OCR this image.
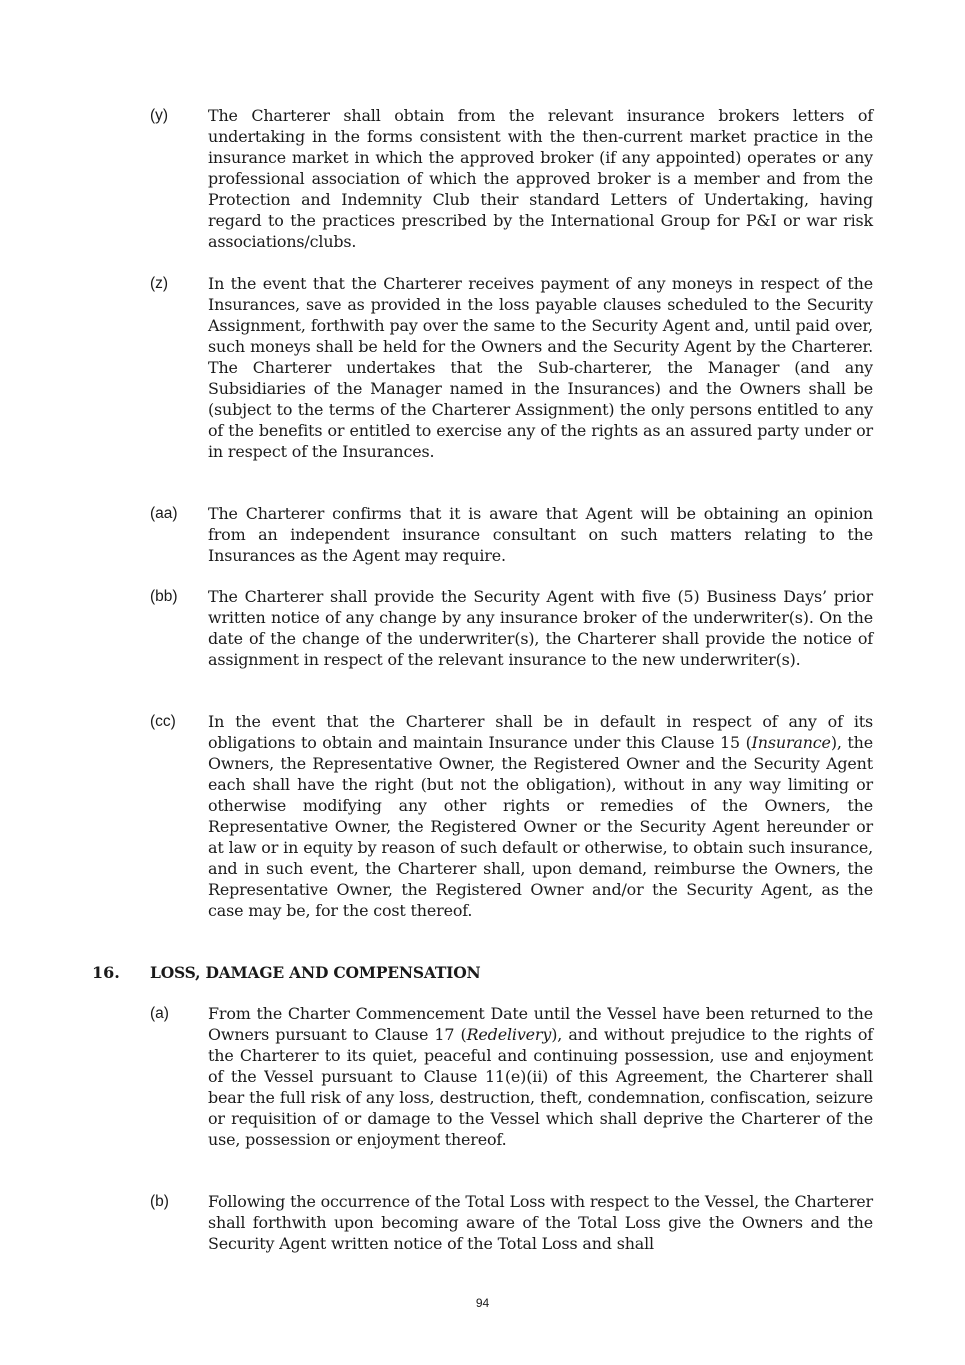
(y)	The Charterer shall obtain from the relevant insurance brokers letters of undertaking in the forms consistent with the then-current market practice in the insurance market in which the approved broker (if any appointed) operates or any professional association of which the approved broker is a member and from the Protection and Indemnity Club their standard Letters of Undertaking, having regard to the practices prescribed by the International Group for P&I or war risk associations/clubs.
(z)	In the event that the Charterer receives payment of any moneys in respect of the Insurances, save as provided in the loss payable clauses scheduled to the Security Assignment, forthwith pay over the same to the Security Agent and, until paid over, such moneys shall be held for the Owners and the Security Agent by the Charterer. The Charterer undertakes that the Sub-charterer, the Manager (and any Subsidiaries of the Manager named in the Insurances) and the Owners shall be (subject to the terms of the Charterer Assignment) the only persons entitled to any of the benefits or entitled to exercise any of the rights as an assured party under or in respect of the Insurances.
(aa)	The Charterer confirms that it is aware that Agent will be obtaining an opinion from an independent insurance consultant on such matters relating to the Insurances as the Agent may require.
(bb)	The Charterer shall provide the Security Agent with five (5) Business Days’ prior written notice of any change by any insurance broker of the underwriter(s). On the date of the change of the underwriter(s), the Charterer shall provide the notice of assignment in respect of the relevant insurance to the new underwriter(s).
(cc)	In the event that the Charterer shall be in default in respect of any of its obligations to obtain and maintain Insurance under this Clause 15 (Insurance), the Owners, the Representative Owner, the Registered Owner and the Security Agent each shall have the right (but not the obligation), without in any way limiting or otherwise modifying any other rights or remedies of the Owners, the Representative Owner, the Registered Owner or the Security Agent hereunder or at law or in equity by reason of such default or otherwise, to obtain such insurance, and in such event, the Charterer shall, upon demand, reimburse the Owners, the Representative Owner, the Registered Owner and/or the Security Agent, as the case may be, for the cost thereof.
16. LOSS, DAMAGE AND COMPENSATION
(a)	From the Charter Commencement Date until the Vessel have been returned to the Owners pursuant to Clause 17 (Redelivery), and without prejudice to the rights of the Charterer to its quiet, peaceful and continuing possession, use and enjoyment of the Vessel pursuant to Clause 11(e)(ii) of this Agreement, the Charterer shall bear the full risk of any loss, destruction, theft, condemnation, confiscation, seizure or requisition of or damage to the Vessel which shall deprive the Charterer of the use, possession or enjoyment thereof.
(b)	Following the occurrence of the Total Loss with respect to the Vessel, the Charterer shall forthwith upon becoming aware of the Total Loss give the Owners and the Security Agent written notice of the Total Loss and shall
94
